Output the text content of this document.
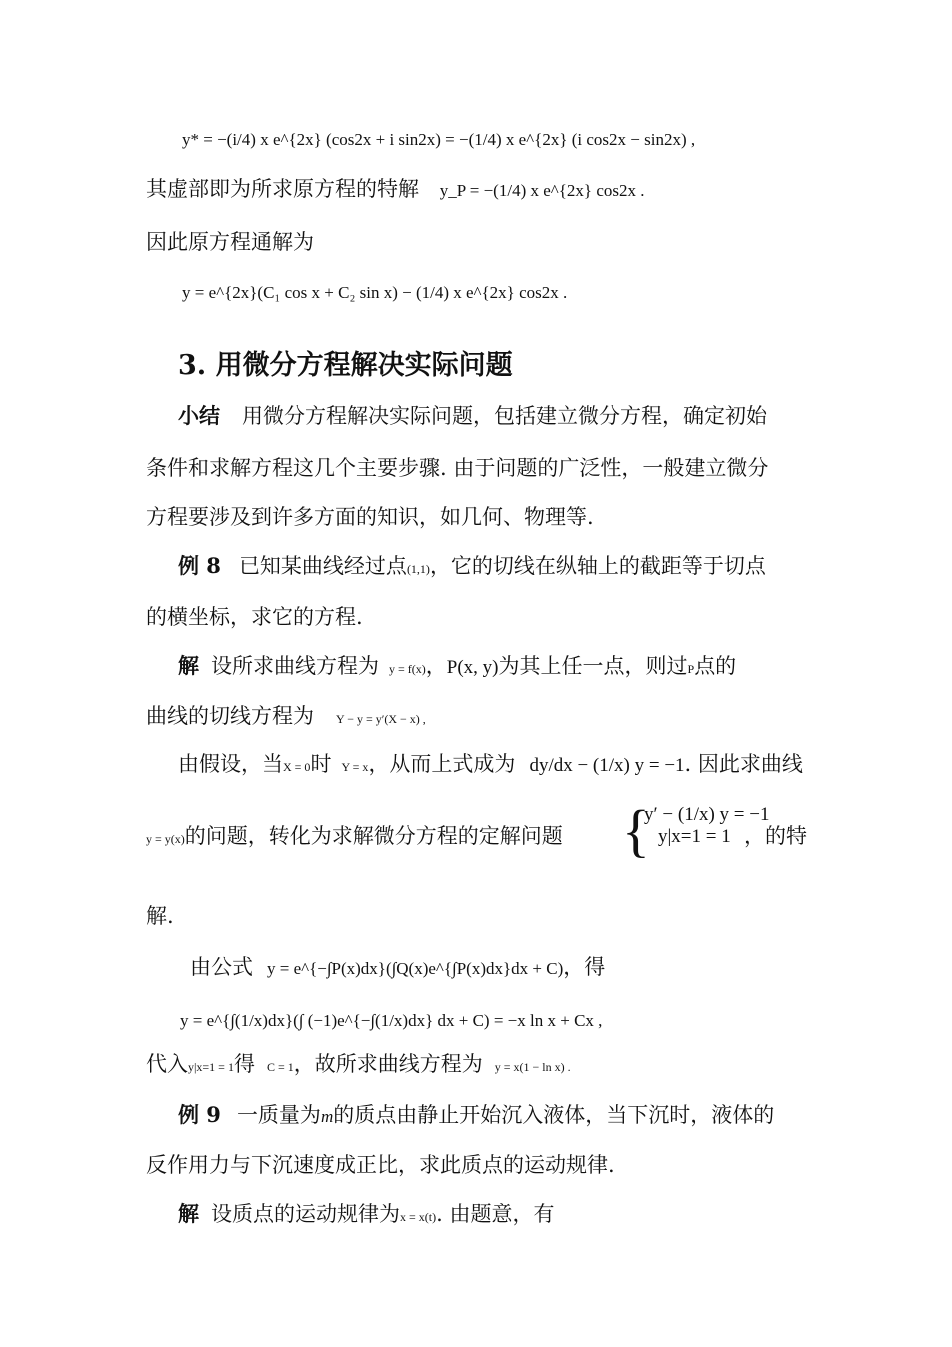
y* = −(i/4) x e^{2x} (cos2x + i sin2x) = −(1/4) x e^{2x} (i cos2x − sin2x) ,
其虚部即为所求原方程的特解 y_P = −(1/4) x e^{2x} cos2x .
因此原方程通解为
y = e^{2x}(C₁ cos x + C₂ sin x) − (1/4) x e^{2x} cos2x .
3. 用微分方程解决实际问题
小结 用微分方程解决实际问题，包括建立微分方程，确定初始
条件和求解方程这几个主要步骤. 由于问题的广泛性，一般建立微分
方程要涉及到许多方面的知识，如几何、物理等.
例 8 已知某曲线经过点(1,1)，它的切线在纵轴上的截距等于切点
的横坐标，求它的方程.
解 设所求曲线方程为 y = f(x)，P(x, y)为其上任一点，则过P点的
曲线的切线方程为 Y − y = y′(X − x) ,
由假设，当X = 0时 Y = x，从而上式成为 dy/dx − (1/x) y = −1. 因此求曲线
y = y(x)的问题，转化为求解微分方程的定解问题 {
y′ − (1/x) y = −1
y|x=1 = 1 ，的特
解.
由公式 y = e^{−∫P(x)dx}(∫Q(x)e^{∫P(x)dx}dx + C)，得
y = e^{∫(1/x)dx}(∫ (−1)e^{−∫(1/x)dx} dx + C) = −x ln x + Cx ,
代入y|x=1 = 1得 C = 1，故所求曲线方程为 y = x(1 − ln x) .
例 9 一质量为m的质点由静止开始沉入液体，当下沉时，液体的
反作用力与下沉速度成正比，求此质点的运动规律.
解 设质点的运动规律为x = x(t). 由题意，有
